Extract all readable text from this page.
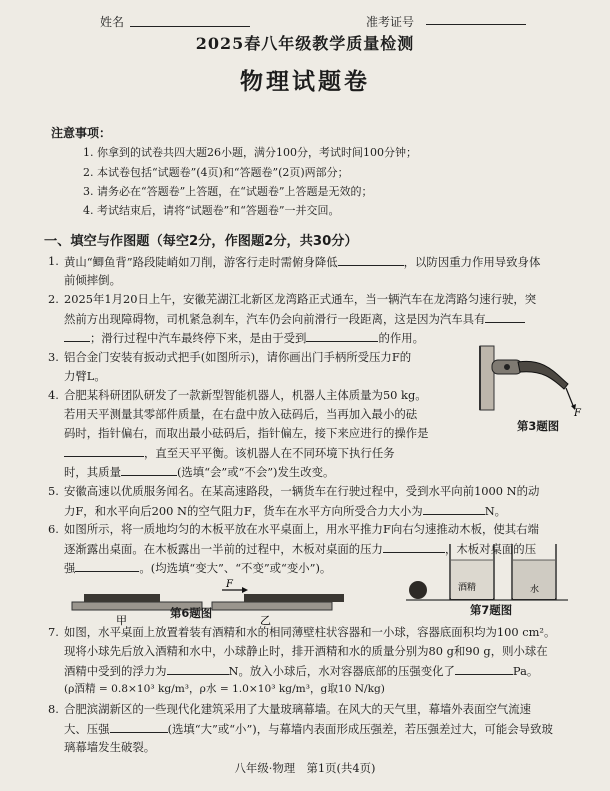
姓名	准考证号
2025春八年级教学质量检测
物理试题卷
注意事项：
1. 你拿到的试卷共四大题26小题，满分100分，考试时间100分钟；
2. 本试卷包括“试题卷”(4页)和“答题卷”(2页)两部分；
3. 请务必在“答题卷”上答题，在“试题卷”上答题是无效的；
4. 考试结束后，请将“试题卷”和“答题卷”一并交回。
一、填空与作图题（每空2分，作图题2分，共30分）
1. 黄山“鲫鱼背”路段陡峭如刀削，游客行走时需俯身降低	，以防因重力作用导致身体
前倾摔倒。
2. 2025年1月20日上午，安徽芜湖江北新区龙湾路正式通车，当一辆汽车在龙湾路匀速行驶，突
然前方出现障碍物，司机紧急刹车，汽车仍会向前滑行一段距离，这是因为汽车具有
；滑行过程中汽车最终停下来，是由于受到	的作用。
3. 铝合金门安装有扳动式把手(如图所示)，请你画出门手柄所受压力F的
力臂L。
4. 合肥某科研团队研发了一款新型智能机器人，机器人主体质量为50 kg。
若用天平测量其零部件质量，在右盘中放入砝码后，当再加入最小的砝
码时，指针偏右，而取出最小砝码后，指针偏左，接下来应进行的操作是
，直至天平平衡。该机器人在不同环境下执行任务
时，其质量	(选填“会”或“不会”)发生改变。
5. 安徽高速以优质服务闻名。在某高速路段，一辆货车在行驶过程中，受到水平向前1000 N的动
力F，和水平向后200 N的空气阻力F，货车在水平方向所受合力大小为	N。
6. 如图所示，将一质地均匀的木板平放在水平桌面上，用水平推力F向右匀速推动木板，使其右端
逐渐露出桌面。在木板露出一半前的过程中，木板对桌面的压力	，木板对桌面的压
强	。(均选填“变大”、“不变”或“变小”)。
7. 如图，水平桌面上放置着装有酒精和水的相同薄壁柱状容器和一小球，容器底面积均为100 cm²。
现将小球先后放入酒精和水中，小球静止时，排开酒精和水的质量分别为80 g和90 g，则小球在
酒精中受到的浮力为	N。放入小球后，水对容器底部的压强变化了	Pa。
(ρ酒精 = 0.8×10³ kg/m³，ρ水 = 1.0×10³ kg/m³，g取10 N/kg)
8. 合肥滨湖新区的一些现代化建筑采用了大量玻璃幕墙。在风大的天气里，幕墙外表面空气流速
大、压强	(选填“大”或“小”)，与幕墙内表面形成压强差，若压强差过大，可能会导致玻
璃幕墙发生破裂。
F
第3题图
甲
F
乙
第6题图
酒精	水
第7题图
八年级·物理　第1页(共4页)
